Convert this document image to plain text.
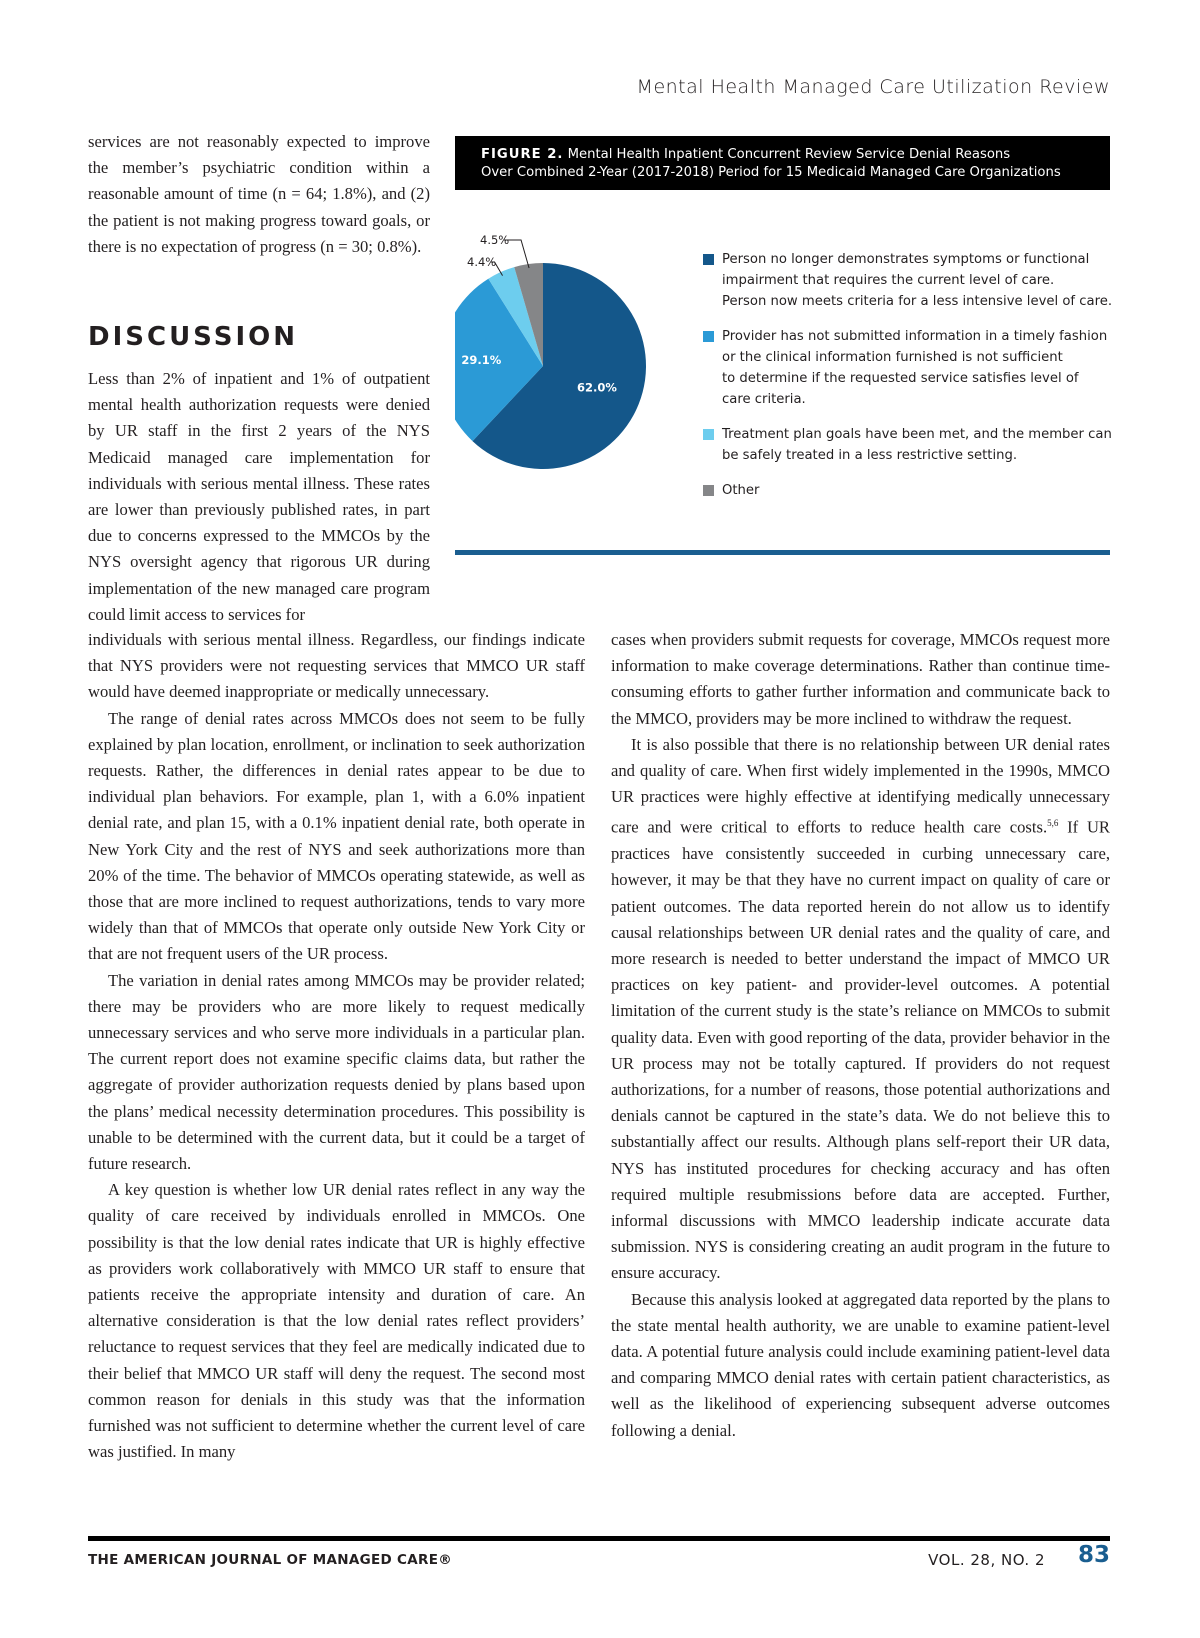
Mental Health Managed Care Utilization Review

services are not reasonably expected to improve the member’s psychiatric condition within a reasonable amount of time (n = 64; 1.8%), and (2) the patient is not making progress toward goals, or there is no expectation of progress (n = 30; 0.8%).

DISCUSSION

Less than 2% of inpatient and 1% of outpatient mental health authorization requests were denied by UR staff in the first 2 years of the NYS Medicaid managed care implementation for individuals with serious mental illness. These rates are lower than previously published rates, in part due to concerns expressed to the MMCOs by the NYS oversight agency that rigorous UR during implementation of the new managed care program could limit access to services for

FIGURE 2. Mental Health Inpatient Concurrent Review Service Denial Reasons
Over Combined 2-Year (2017-2018) Period for 15 Medicaid Managed Care Organizations
62.0%
29.1%
4.4%
4.5%
Person no longer demonstrates symptoms or functional
impairment that requires the current level of care.
Person now meets criteria for a less intensive level of care.
Provider has not submitted information in a timely fashion
or the clinical information furnished is not sufficient
to determine if the requested service satisfies level of
care criteria.
Treatment plan goals have been met, and the member can
be safely treated in a less restrictive setting.
Other

individuals with serious mental illness. Regardless, our findings indicate that NYS providers were not requesting services that MMCO UR staff would have deemed inappropriate or medically unnecessary.

The range of denial rates across MMCOs does not seem to be fully explained by plan location, enrollment, or inclination to seek authorization requests. Rather, the differences in denial rates appear to be due to individual plan behaviors. For example, plan 1, with a 6.0% inpatient denial rate, and plan 15, with a 0.1% inpatient denial rate, both operate in New York City and the rest of NYS and seek authorizations more than 20% of the time. The behavior of MMCOs operating statewide, as well as those that are more inclined to request authorizations, tends to vary more widely than that of MMCOs that operate only outside New York City or that are not frequent users of the UR process.

The variation in denial rates among MMCOs may be provider related; there may be providers who are more likely to request medically unnecessary services and who serve more individuals in a particular plan. The current report does not examine specific claims data, but rather the aggregate of provider authorization requests denied by plans based upon the plans’ medical necessity determination procedures. This possibility is unable to be determined with the current data, but it could be a target of future research.

A key question is whether low UR denial rates reflect in any way the quality of care received by individuals enrolled in MMCOs. One possibility is that the low denial rates indicate that UR is highly effective as providers work collaboratively with MMCO UR staff to ensure that patients receive the appropriate intensity and duration of care. An alternative consideration is that the low denial rates reflect providers’ reluctance to request services that they feel are medically indicated due to their belief that MMCO UR staff will deny the request. The second most common reason for denials in this study was that the information furnished was not sufficient to determine whether the current level of care was justified. In many

cases when providers submit requests for coverage, MMCOs request more information to make coverage determinations. Rather than continue time-consuming efforts to gather further information and communicate back to the MMCO, providers may be more inclined to withdraw the request.

It is also possible that there is no relationship between UR denial rates and quality of care. When first widely implemented in the 1990s, MMCO UR practices were highly effective at identifying medically unnecessary care and were critical to efforts to reduce health care costs.$^{5,6}$ If UR practices have consistently succeeded in curbing unnecessary care, however, it may be that they have no current impact on quality of care or patient outcomes. The data reported herein do not allow us to identify causal relationships between UR denial rates and the quality of care, and more research is needed to better understand the impact of MMCO UR practices on key patient- and provider-level outcomes. A potential limitation of the current study is the state’s reliance on MMCOs to submit quality data. Even with good reporting of the data, provider behavior in the UR process may not be totally captured. If providers do not request authorizations, for a number of reasons, those potential authorizations and denials cannot be captured in the state’s data. We do not believe this to substantially affect our results. Although plans self-report their UR data, NYS has instituted procedures for checking accuracy and has often required multiple resubmissions before data are accepted. Further, informal discussions with MMCO leadership indicate accurate data submission. NYS is considering creating an audit program in the future to ensure accuracy.

Because this analysis looked at aggregated data reported by the plans to the state mental health authority, we are unable to examine patient-level data. A potential future analysis could include examining patient-level data and comparing MMCO denial rates with certain patient characteristics, as well as the likelihood of experiencing subsequent adverse outcomes following a denial.

THE AMERICAN JOURNAL OF MANAGED CARE®	VOL. 28, NO. 2 83
